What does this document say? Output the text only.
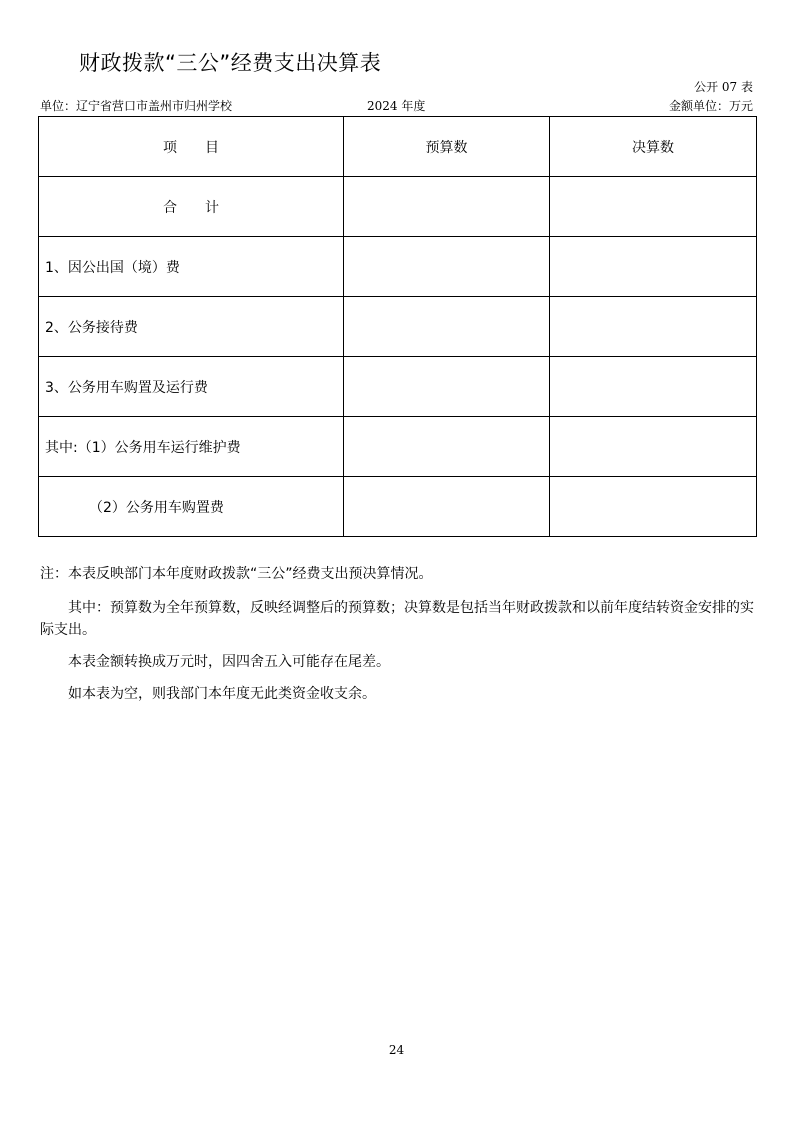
财政拨款“三公”经费支出决算表
公开 07 表
单位：辽宁省营口市盖州市归州学校	2024 年度	金额单位：万元
项　　目	预算数	决算数
合　　计		
1、因公出国（境）费		
2、公务接待费		
3、公务用车购置及运行费		
其中:（1）公务用车运行维护费		
（2）公务用车购置费		

注：本表反映部门本年度财政拨款“三公”经费支出预决算情况。

其中：预算数为全年预算数，反映经调整后的预算数；决算数是包括当年财政拨款和以前年度结转资金安排的实际支出。

本表金额转换成万元时，因四舍五入可能存在尾差。

如本表为空，则我部门本年度无此类资金收支余。

24
